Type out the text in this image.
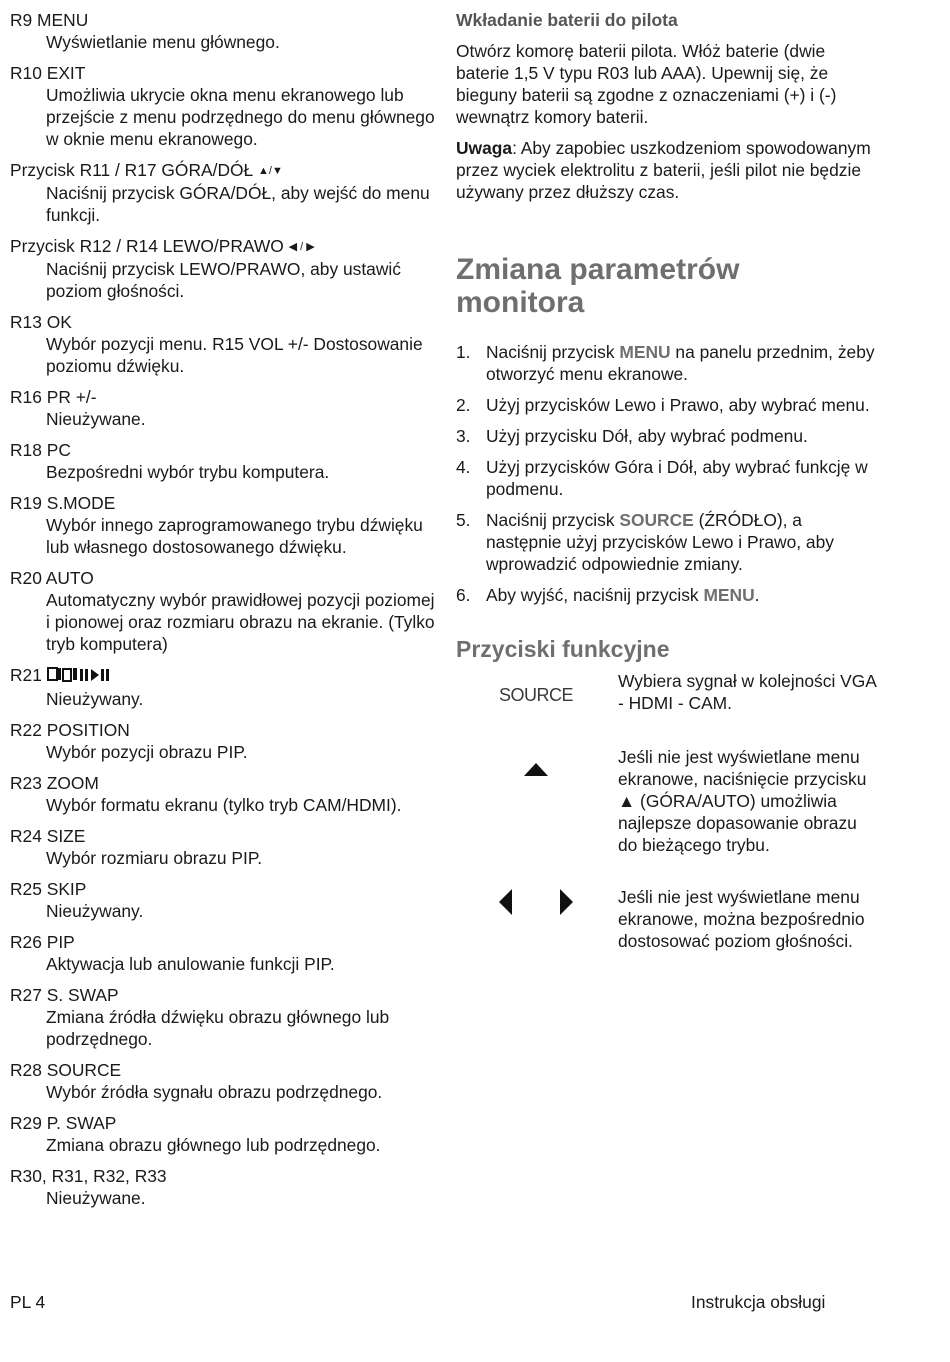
R9 MENU
Wyświetlanie menu głównego.
R10 EXIT
Umożliwia ukrycie okna menu ekranowego lub przejście z menu podrzędnego do menu głównego w oknie menu ekranowego.
Przycisk R11 / R17 GÓRA/DÓŁ ▲/▼
Naciśnij przycisk GÓRA/DÓŁ, aby wejść do menu funkcji.
Przycisk R12 / R14 LEWO/PRAWO ◀ / ▶
Naciśnij przycisk LEWO/PRAWO, aby ustawić poziom głośności.
R13 OK
Wybór pozycji menu. R15 VOL +/- Dostosowanie poziomu dźwięku.
R16 PR +/-
Nieużywane.
R18 PC
Bezpośredni wybór trybu komputera.
R19 S.MODE
Wybór innego zaprogramowanego trybu dźwięku lub własnego dostosowanego dźwięku.
R20 AUTO
Automatyczny wybór prawidłowej pozycji poziomej i pionowej oraz rozmiaru obrazu na ekranie. (Tylko tryb komputera)
R21
Nieużywany.
R22 POSITION
Wybór pozycji obrazu PIP.
R23 ZOOM
Wybór formatu ekranu (tylko tryb CAM/HDMI).
R24 SIZE
Wybór rozmiaru obrazu PIP.
R25 SKIP
Nieużywany.
R26 PIP
Aktywacja lub anulowanie funkcji PIP.
R27 S. SWAP
Zmiana źródła dźwięku obrazu głównego lub podrzędnego.
R28 SOURCE
Wybór źródła sygnału obrazu podrzędnego.
R29 P. SWAP
Zmiana obrazu głównego lub podrzędnego.
R30, R31, R32, R33
Nieużywane.
Wkładanie baterii do pilota
Otwórz komorę baterii pilota. Włóż baterie (dwie baterie 1,5 V typu R03 lub AAA). Upewnij się, że bieguny baterii są zgodne z oznaczeniami (+) i (-) wewnątrz komory baterii.
Uwaga: Aby zapobiec uszkodzeniom spowodowanym przez wyciek elektrolitu z baterii, jeśli pilot nie będzie używany przez dłuższy czas.
Zmiana parametrów monitora
1. Naciśnij przycisk MENU na panelu przednim, żeby otworzyć menu ekranowe.
2. Użyj przycisków Lewo i Prawo, aby wybrać menu.
3. Użyj przycisku Dół, aby wybrać podmenu.
4. Użyj przycisków Góra i Dół, aby wybrać funkcję w podmenu.
5. Naciśnij przycisk SOURCE (ŹRÓDŁO), a następnie użyj przycisków Lewo i Prawo, aby wprowadzić odpowiednie zmiany.
6. Aby wyjść, naciśnij przycisk MENU.
Przyciski funkcyjne
SOURCE
Wybiera sygnał w kolejności VGA - HDMI - CAM.
Jeśli nie jest wyświetlane menu ekranowe, naciśnięcie przycisku ▲ (GÓRA/AUTO) umożliwia najlepsze dopasowanie obrazu do bieżącego trybu.
Jeśli nie jest wyświetlane menu ekranowe, można bezpośrednio dostosować poziom głośności.
PL 4	Instrukcja obsługi
